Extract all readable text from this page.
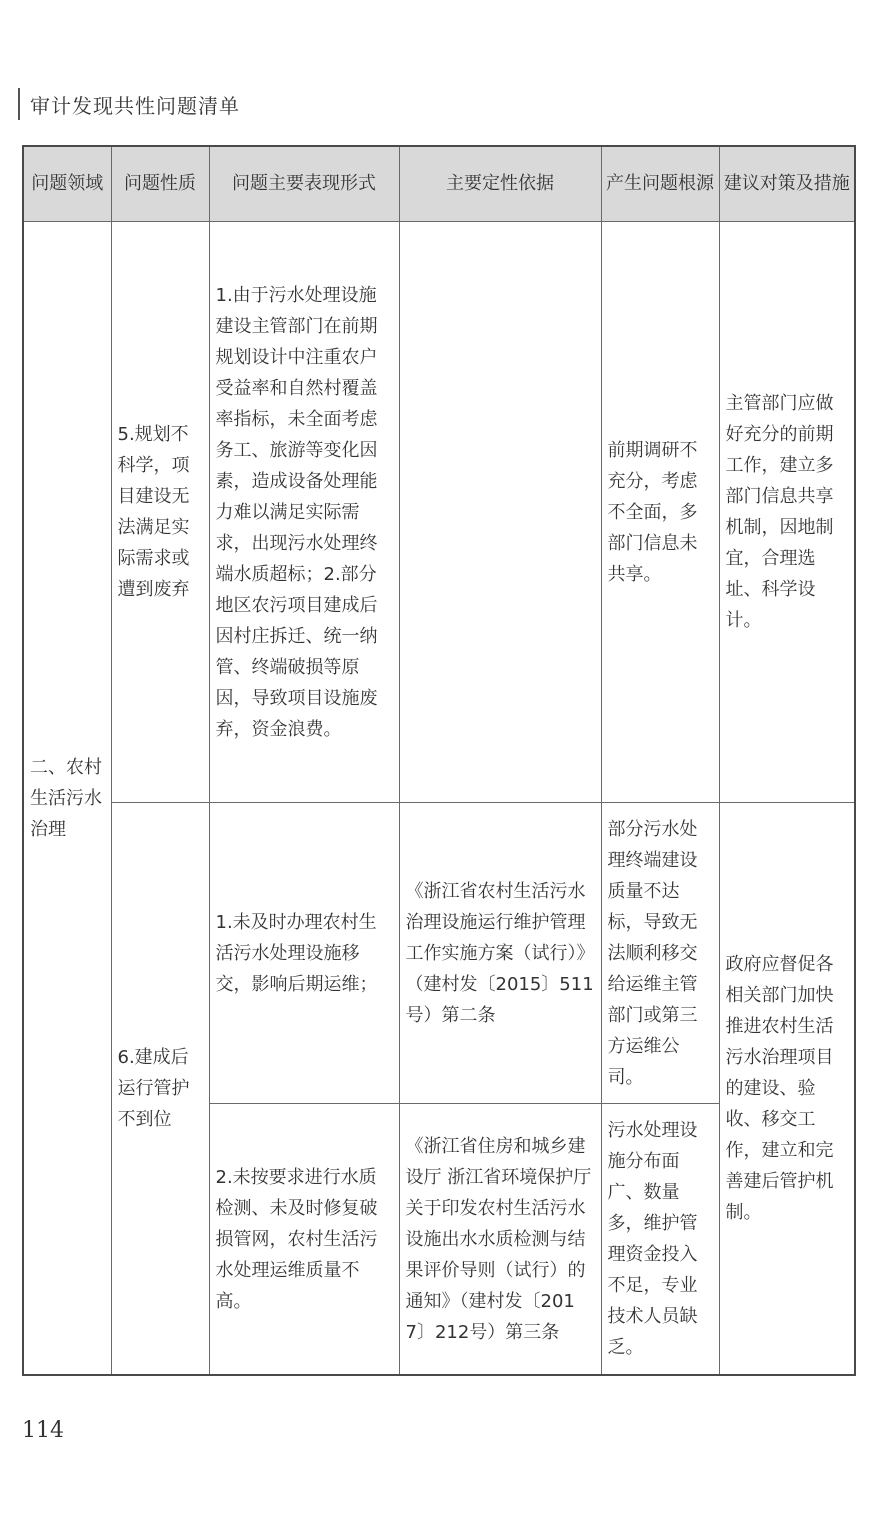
审计发现共性问题清单
问题领域	问题性质	问题主要表现形式	主要定性依据	产生问题根源	建议对策及措施
二、农村生活污水治理	5.规划不科学，项目建设无法满足实际需求或遭到废弃	1.由于污水处理设施建设主管部门在前期规划设计中注重农户受益率和自然村覆盖率指标，未全面考虑务工、旅游等变化因素，造成设备处理能力难以满足实际需求，出现污水处理终端水质超标；2.部分地区农污项目建成后因村庄拆迁、统一纳管、终端破损等原因，导致项目设施废弃，资金浪费。		前期调研不充分，考虑不全面，多部门信息未共享。	主管部门应做好充分的前期工作，建立多部门信息共享机制，因地制宜，合理选址、科学设计。
	6.建成后运行管护不到位	1.未及时办理农村生活污水处理设施移交，影响后期运维；	《浙江省农村生活污水治理设施运行维护管理工作实施方案（试行）》（建村发〔2015〕511号）第二条	部分污水处理终端建设质量不达标，导致无法顺利移交给运维主管部门或第三方运维公司。	政府应督促各相关部门加快推进农村生活污水治理项目的建设、验收、移交工作，建立和完善建后管护机制。
		2.未按要求进行水质检测、未及时修复破损管网，农村生活污水处理运维质量不高。	《浙江省住房和城乡建设厅 浙江省环境保护厅关于印发农村生活污水设施出水水质检测与结果评价导则（试行）的通知》（建村发〔2017〕212号）第三条	污水处理设施分布面广、数量多，维护管理资金投入不足，专业技术人员缺乏。	
114
